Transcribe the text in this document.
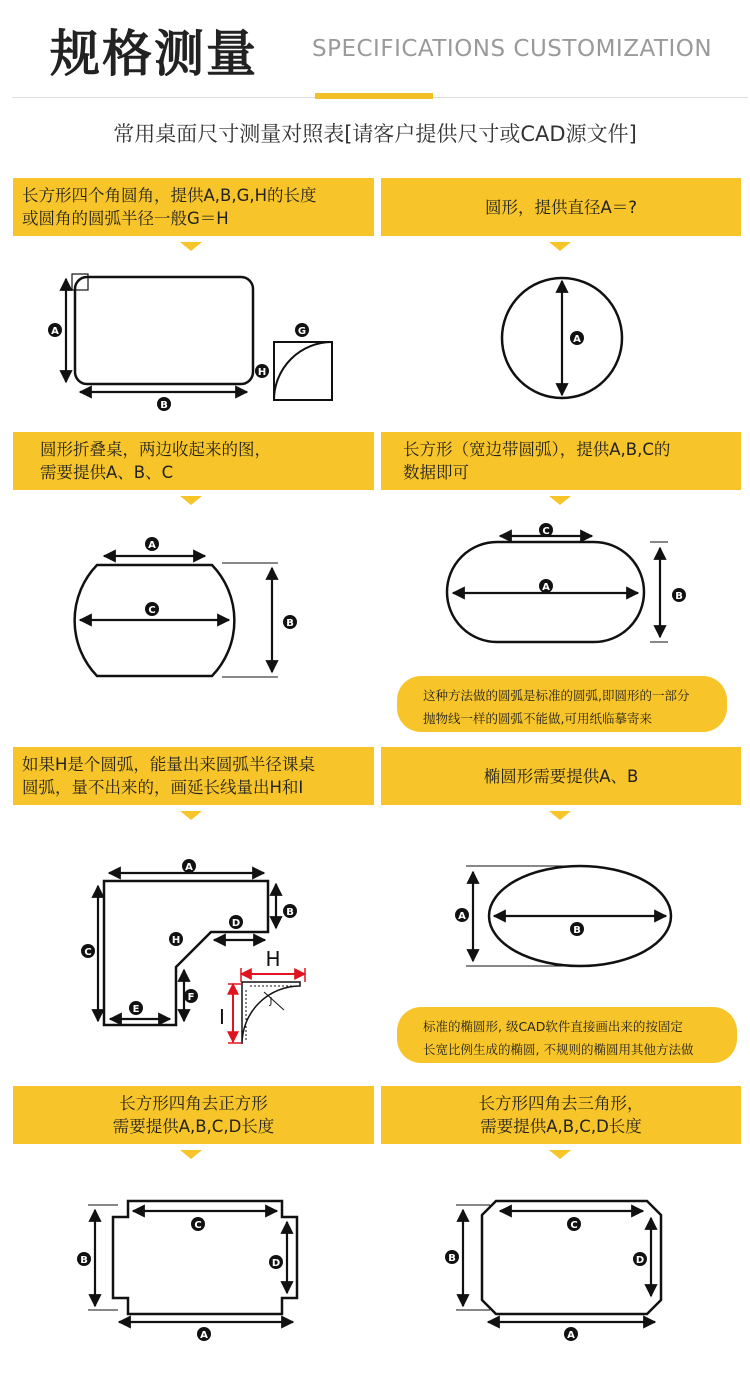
规格测量 SPECIFICATIONS CUSTOMIZATION
常用桌面尺寸测量对照表[请客户提供尺寸或CAD源文件]
长方形四个角圆角，提供A,B,G,H的长度
或圆角的圆弧半径一般G＝H
圆形，提供直径A＝?
圆形折叠桌，两边收起来的图，
需要提供A、B、C
长方形（宽边带圆弧），提供A,B,C的
数据即可
如果H是个圆弧，能量出来圆弧半径课桌
圆弧，量不出来的，画延长线量出H和I
椭圆形需要提供A、B
长方形四角去正方形
需要提供A,B,C,D长度
长方形四角去三角形，
需要提供A,B,C,D长度
这种方法做的圆弧是标准的圆弧,即圆形的一部分
抛物线一样的圆弧不能做,可用纸临摹寄来
标准的椭圆形, 级CAD软件直接画出来的按固定
长宽比例生成的椭圆, 不规则的椭圆用其他方法做
A
B
G
H
A
A
C
B
C
A
B
A
B
D
H
C
F
E
A
B
C
B	D
A
C
B	D
A
H
I
J
